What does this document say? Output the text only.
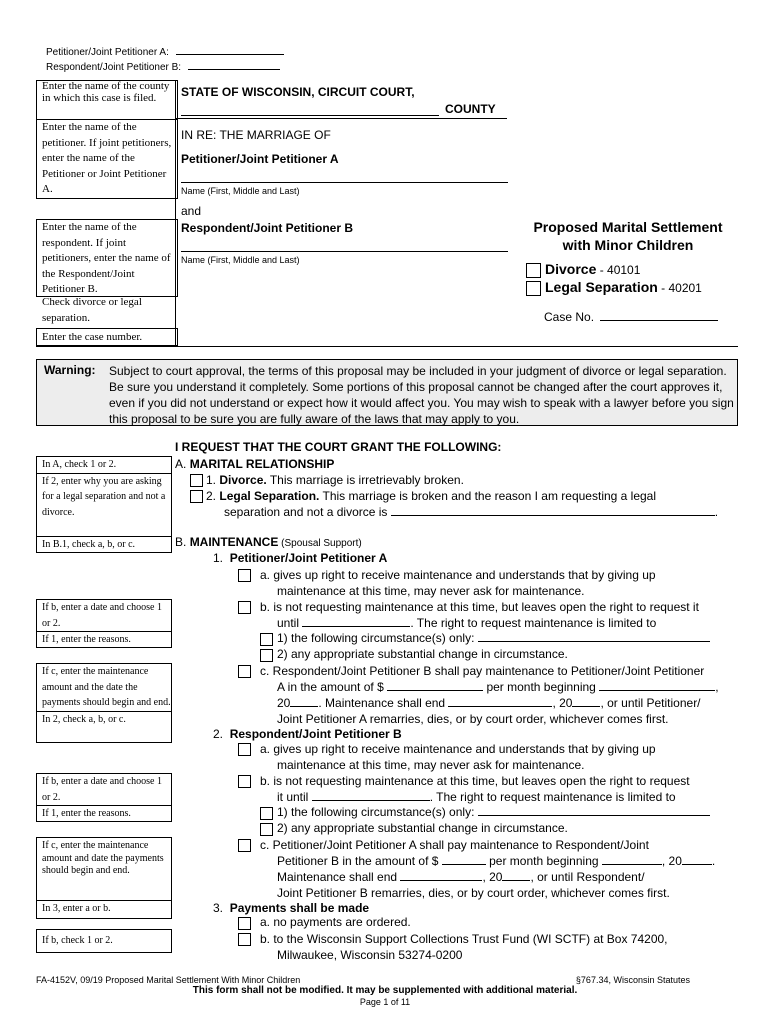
Petitioner/Joint Petitioner A:
Respondent/Joint Petitioner B:
Enter the name of the county in which this case is filed.
Enter the name of the petitioner. If joint petitioners, enter the name of the Petitioner or Joint Petitioner A.
Enter the name of the respondent. If joint petitioners, enter the name of the Respondent/Joint Petitioner B.
Check divorce or legal separation.
Enter the case number.
STATE OF WISCONSIN, CIRCUIT COURT,
COUNTY
IN RE: THE MARRIAGE OF
Petitioner/Joint Petitioner A
Name (First, Middle and Last)
and
Respondent/Joint Petitioner B
Name (First, Middle and Last)
Proposed Marital Settlement
with Minor Children
Divorce - 40101
Legal Separation - 40201
Case No.
Warning: Subject to court approval, the terms of this proposal may be included in your judgment of divorce or legal separation. Be sure you understand it completely. Some portions of this proposal cannot be changed after the court approves it, even if you did not understand or expect how it would affect you. You may wish to speak with a lawyer before you sign this proposal to be sure you are fully aware of the laws that may apply to you.
In A, check 1 or 2.
If 2, enter why you are asking for a legal separation and not a divorce.
In B.1, check a, b, or c.
If b, enter a date and choose 1 or 2.
If 1, enter the reasons.
If c, enter the maintenance amount and the date the payments should begin and end.
In 2, check a, b, or c.
If b, enter a date and choose 1 or 2.
If 1, enter the reasons.
If c, enter the maintenance amount and date the payments should begin and end.
In 3, enter a or b.
If b, check 1 or 2.
I REQUEST THAT THE COURT GRANT THE FOLLOWING:
A. MARITAL RELATIONSHIP
1. Divorce. This marriage is irretrievably broken.
2. Legal Separation. This marriage is broken and the reason I am requesting a legal
separation and not a divorce is	.
B. MAINTENANCE (Spousal Support)
1. Petitioner/Joint Petitioner A
a. gives up right to receive maintenance and understands that by giving up
maintenance at this time, may never ask for maintenance.
b. is not requesting maintenance at this time, but leaves open the right to request it
until	. The right to request maintenance is limited to
1) the following circumstance(s) only:
2) any appropriate substantial change in circumstance.
c. Respondent/Joint Petitioner B shall pay maintenance to Petitioner/Joint Petitioner
A in the amount of $	per month beginning	,
20 . Maintenance shall end	, 20 , or until Petitioner/
Joint Petitioner A remarries, dies, or by court order, whichever comes first.
2. Respondent/Joint Petitioner B
a. gives up right to receive maintenance and understands that by giving up
maintenance at this time, may never ask for maintenance.
b. is not requesting maintenance at this time, but leaves open the right to request
it until	. The right to request maintenance is limited to
1) the following circumstance(s) only:
2) any appropriate substantial change in circumstance.
c. Petitioner/Joint Petitioner A shall pay maintenance to Respondent/Joint
Petitioner B in the amount of $	per month beginning	, 20	.
Maintenance shall end	, 20 , or until Respondent/
Joint Petitioner B remarries, dies, or by court order, whichever comes first.
3. Payments shall be made
a. no payments are ordered.
b. to the Wisconsin Support Collections Trust Fund (WI SCTF) at Box 74200,
Milwaukee, Wisconsin 53274-0200
FA-4152V, 09/19 Proposed Marital Settlement With Minor Children	§767.34, Wisconsin Statutes
This form shall not be modified. It may be supplemented with additional material.
Page 1 of 11
